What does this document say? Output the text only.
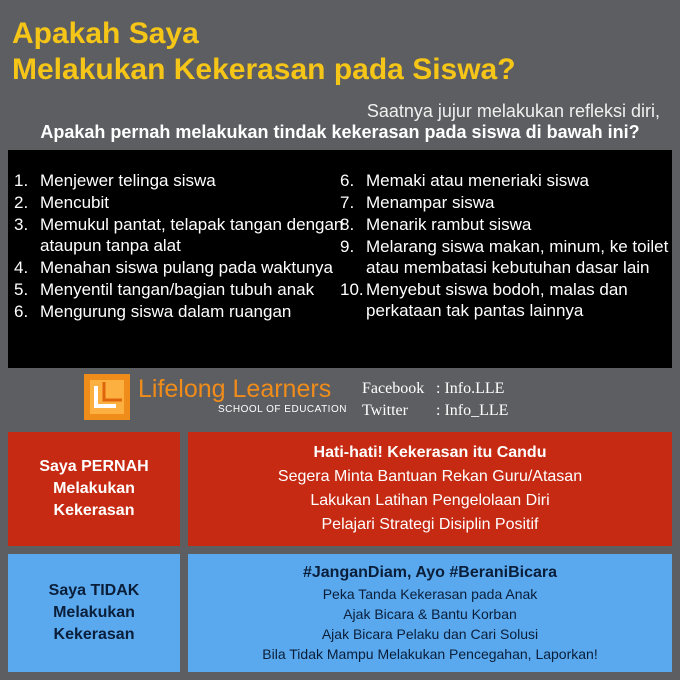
Apakah Saya
Melakukan Kekerasan pada Siswa?
Saatnya jujur melakukan refleksi diri,
Apakah pernah melakukan tindak kekerasan pada siswa di bawah ini?
1. Menjewer telinga siswa
2. Mencubit
3. Memukul pantat, telapak tangan dengan ataupun tanpa alat
4. Menahan siswa pulang pada waktunya
5. Menyentil tangan/bagian tubuh anak
6. Mengurung siswa dalam ruangan
6. Memaki atau meneriaki siswa
7. Menampar siswa
8. Menarik rambut siswa
9. Melarang siswa makan, minum, ke toilet atau membatasi kebutuhan dasar lain
10. Menyebut siswa bodoh, malas dan perkataan tak pantas lainnya
Lifelong Learners
SCHOOL OF EDUCATION
Facebook : Info.LLE
Twitter	: Info_LLE
Saya PERNAH Melakukan Kekerasan
Hati-hati! Kekerasan itu Candu
Segera Minta Bantuan Rekan Guru/Atasan
Lakukan Latihan Pengelolaan Diri
Pelajari Strategi Disiplin Positif
Saya TIDAK Melakukan Kekerasan
#JanganDiam, Ayo #BeraniBicara
Peka Tanda Kekerasan pada Anak
Ajak Bicara & Bantu Korban
Ajak Bicara Pelaku dan Cari Solusi
Bila Tidak Mampu Melakukan Pencegahan, Laporkan!
